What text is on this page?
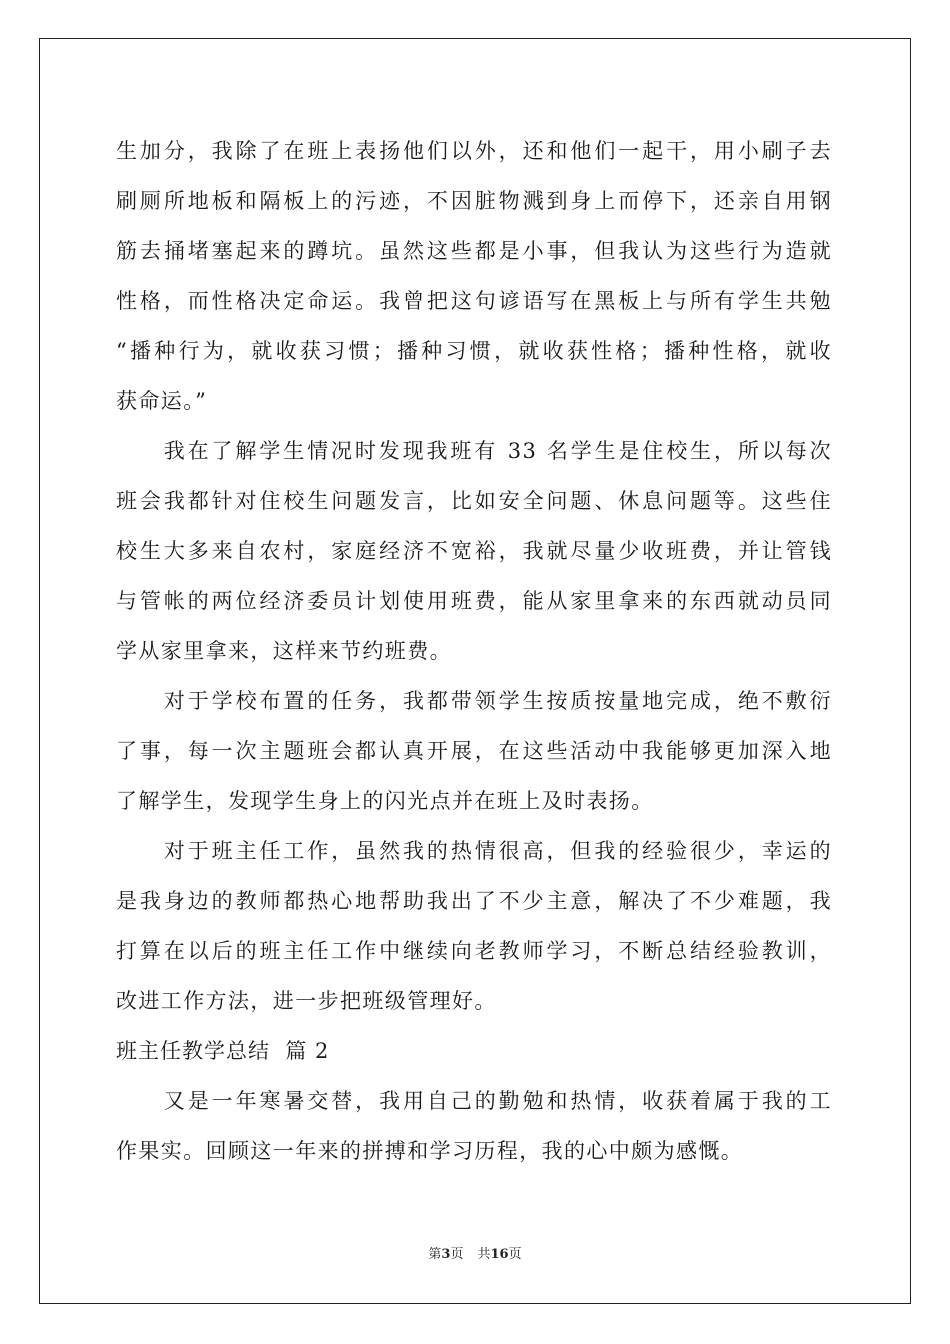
生加分，我除了在班上表扬他们以外，还和他们一起干，用小刷子去
刷厕所地板和隔板上的污迹，不因脏物溅到身上而停下，还亲自用钢
筋去捅堵塞起来的蹲坑。虽然这些都是小事，但我认为这些行为造就
性格，而性格决定命运。我曾把这句谚语写在黑板上与所有学生共勉
“播种行为，就收获习惯；播种习惯，就收获性格；播种性格，就收
获命运。”
　　我在了解学生情况时发现我班有 33 名学生是住校生，所以每次
班会我都针对住校生问题发言，比如安全问题、休息问题等。这些住
校生大多来自农村，家庭经济不宽裕，我就尽量少收班费，并让管钱
与管帐的两位经济委员计划使用班费，能从家里拿来的东西就动员同
学从家里拿来，这样来节约班费。
　　对于学校布置的任务，我都带领学生按质按量地完成，绝不敷衍
了事，每一次主题班会都认真开展，在这些活动中我能够更加深入地
了解学生，发现学生身上的闪光点并在班上及时表扬。
　　对于班主任工作，虽然我的热情很高，但我的经验很少，幸运的
是我身边的教师都热心地帮助我出了不少主意，解决了不少难题，我
打算在以后的班主任工作中继续向老教师学习，不断总结经验教训，
改进工作方法，进一步把班级管理好。
班主任教学总结  篇 2
　　又是一年寒暑交替，我用自己的勤勉和热情，收获着属于我的工
作果实。回顾这一年来的拼搏和学习历程，我的心中颇为感慨。
第3页 共16页
